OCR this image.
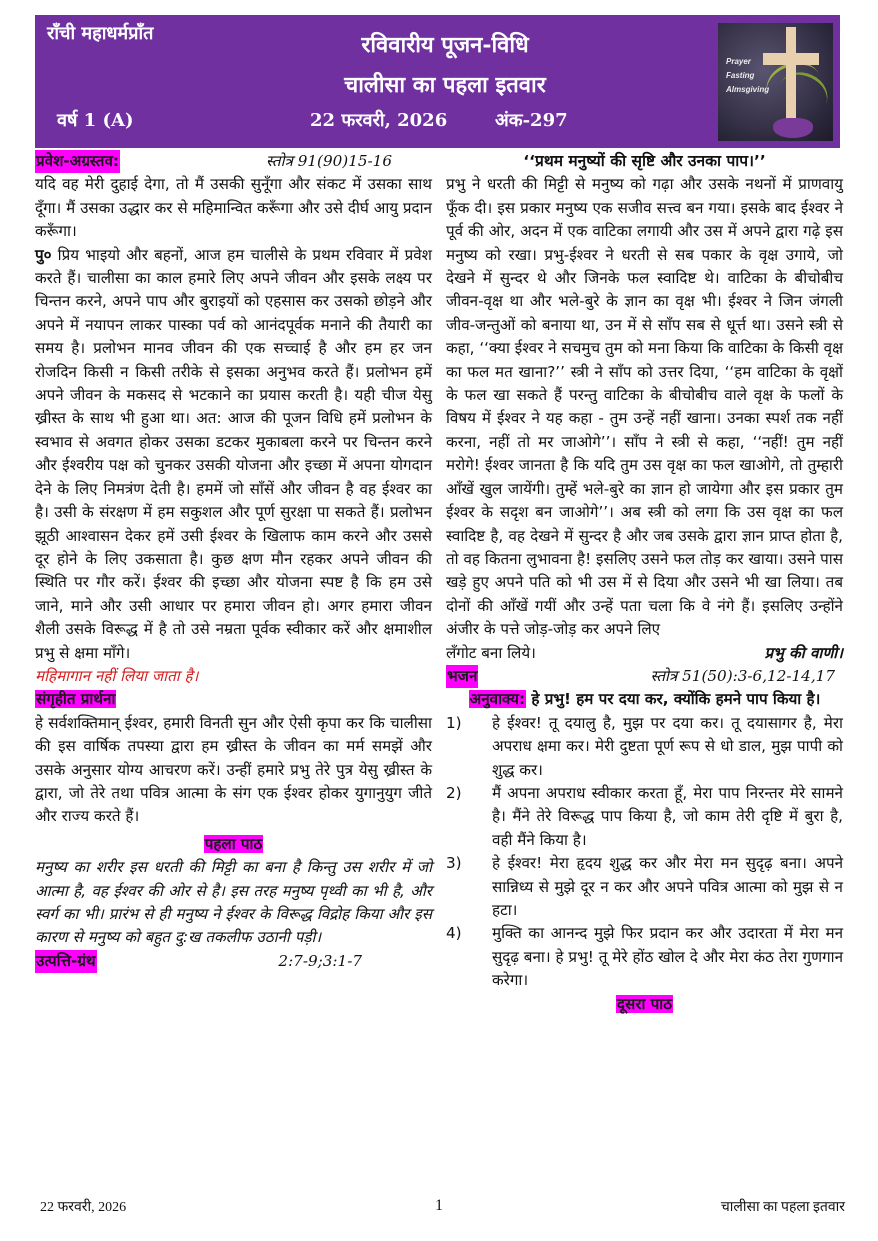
राँची महाधर्मप्राँत	रविवारीय पूजन-विधि
चालीसा का पहला इतवार
वर्ष 1 (A)	22 फरवरी, 2026	अंक-297
Prayer
Fasting
Almsgiving
प्रवेश-अग्रस्तव:	स्तोत्र 91(90)15-16

यदि वह मेरी दुहाई देगा, तो मैं उसकी सुनूँगा और संकट में उसका साथ दूँगा। मैं उसका उद्धार कर से महिमान्वित करूँगा और उसे दीर्घ आयु प्रदान करूँगा।

पु० प्रिय भाइयो और बहनों, आज हम चालीसे के प्रथम रविवार में प्रवेश करते हैं। चालीसा का काल हमारे लिए अपने जीवन और इसके लक्ष्य पर चिन्तन करने, अपने पाप और बुराइयों को एहसास कर उसको छोड़ने और अपने में नयापन लाकर पास्का पर्व को आनंदपूर्वक मनाने की तैयारी का समय है। प्रलोभन मानव जीवन की एक सच्चाई है और हम हर जन रोजदिन किसी न किसी तरीके से इसका अनुभव करते हैं। प्रलोभन हमें अपने जीवन के मकसद से भटकाने का प्रयास करती है। यही चीज येसु ख्रीस्त के साथ भी हुआ था। अत: आज की पूजन विधि हमें प्रलोभन के स्वभाव से अवगत होकर उसका डटकर मुकाबला करने पर चिन्तन करने और ईश्वरीय पक्ष को चुनकर उसकी योजना और इच्छा में अपना योगदान देने के लिए निमत्रंण देती है। हममें जो साँसें और जीवन है वह ईश्वर का है। उसी के संरक्षण में हम सकुशल और पूर्ण सुरक्षा पा सकते हैं। प्रलोभन झूठी आश्वासन देकर हमें उसी ईश्वर के खिलाफ काम करने और उससे दूर होने के लिए उकसाता है। कुछ क्षण मौन रहकर अपने जीवन की स्थिति पर गौर करें। ईश्वर की इच्छा और योजना स्पष्ट है कि हम उसे जाने, माने और उसी आधार पर हमारा जीवन हो। अगर हमारा जीवन शैली उसके विरूद्ध में है तो उसे नम्रता पूर्वक स्वीकार करें और क्षमाशील प्रभु से क्षमा माँगे।

महिमागान नहीं लिया जाता है।

संगृहीत प्रार्थना

हे सर्वशक्तिमान् ईश्वर, हमारी विनती सुन और ऐसी कृपा कर कि चालीसा की इस वार्षिक तपस्या द्वारा हम ख्रीस्त के जीवन का मर्म समझें और उसके अनुसार योग्य आचरण करें। उन्हीं हमारे प्रभु तेरे पुत्र येसु ख्रीस्त के द्वारा, जो तेरे तथा पवित्र आत्मा के संग एक ईश्वर होकर युगानुयुग जीते और राज्य करते हैं।

पहला पाठ

मनुष्य का शरीर इस धरती की मिट्टी का बना है किन्तु उस शरीर में जो आत्मा है, वह ईश्वर की ओर से है। इस तरह मनुष्य पृथ्वी का भी है, और स्वर्ग का भी। प्रारंभ से ही मनुष्य ने ईश्वर के विरूद्ध विद्रोह किया और इस कारण से मनुष्य को बहुत दु:ख तकलीफ उठानी पड़ी।

उत्पत्ति-ग्रंथ	2:7-9;3:1-7
‘‘प्रथम मनुष्यों की सृष्टि और उनका पाप।’’

प्रभु ने धरती की मिट्टी से मनुष्य को गढ़ा और उसके नथनों में प्राणवायु फूँक दी। इस प्रकार मनुष्य एक सजीव सत्त्व बन गया। इसके बाद ईश्वर ने पूर्व की ओर, अदन में एक वाटिका लगायी और उस में अपने द्वारा गढ़े इस मनुष्य को रखा। प्रभु-ईश्वर ने धरती से सब पकार के वृक्ष उगाये, जो देखने में सुन्दर थे और जिनके फल स्वादिष्ट थे। वाटिका के बीचोबीच जीवन-वृक्ष था और भले-बुरे के ज्ञान का वृक्ष भी। ईश्वर ने जिन जंगली जीव-जन्तुओं को बनाया था, उन में से साँप सब से धूर्त्त था। उसने स्त्री से कहा, ‘‘क्या ईश्वर ने सचमुच तुम को मना किया कि वाटिका के किसी वृक्ष का फल मत खाना?’’ स्त्री ने साँप को उत्तर दिया, ‘‘हम वाटिका के वृक्षों के फल खा सकते हैं परन्तु वाटिका के बीचोबीच वाले वृक्ष के फलों के विषय में ईश्वर ने यह कहा - तुम उन्हें नहीं खाना। उनका स्पर्श तक नहीं करना, नहीं तो मर जाओगे’’। साँप ने स्त्री से कहा, ‘‘नहीं! तुम नहीं मरोगे! ईश्वर जानता है कि यदि तुम उस वृक्ष का फल खाओगे, तो तुम्हारी आँखें खुल जायेंगी। तुम्हें भले-बुरे का ज्ञान हो जायेगा और इस प्रकार तुम ईश्वर के सदृश बन जाओगे’’। अब स्त्री को लगा कि उस वृक्ष का फल स्वादिष्ट है, वह देखने में सुन्दर है और जब उसके द्वारा ज्ञान प्राप्त होता है, तो वह कितना लुभावना है! इसलिए उसने फल तोड़ कर खाया। उसने पास खड़े हुए अपने पति को भी उस में से दिया और उसने भी खा लिया। तब दोनों की आँखें गयीं और उन्हें पता चला कि वे नंगे हैं। इसलिए उन्होंने अंजीर के पत्ते जोड़-जोड़ कर अपने लिए

लँगोट बना लिये।	प्रभु की वाणी।
भजन	स्तोत्र 51(50):3-6,12-14,17
अनुवाक्य: हे प्रभु! हम पर दया कर, क्योंकि हमने पाप किया है।
1)	हे ईश्वर! तू दयालु है, मुझ पर दया कर। तू दयासागर है, मेरा अपराध क्षमा कर। मेरी दुष्टता पूर्ण रूप से धो डाल, मुझ पापी को शुद्ध कर।
2)	मैं अपना अपराध स्वीकार करता हूँ, मेरा पाप निरन्तर मेरे सामने है। मैंने तेरे विरूद्ध पाप किया है, जो काम तेरी दृष्टि में बुरा है, वही मैंने किया है।
3)	हे ईश्वर! मेरा हृदय शुद्ध कर और मेरा मन सुदृढ़ बना। अपने सान्निध्य से मुझे दूर न कर और अपने पवित्र आत्मा को मुझ से न हटा।
4)	मुक्ति का आनन्द मुझे फिर प्रदान कर और उदारता में मेरा मन सुदृढ़ बना। हे प्रभु! तू मेरे होंठ खोल दे और मेरा कंठ तेरा गुणगान करेगा।
दूसरा पाठ
22 फरवरी, 2026	1	चालीसा का पहला इतवार
